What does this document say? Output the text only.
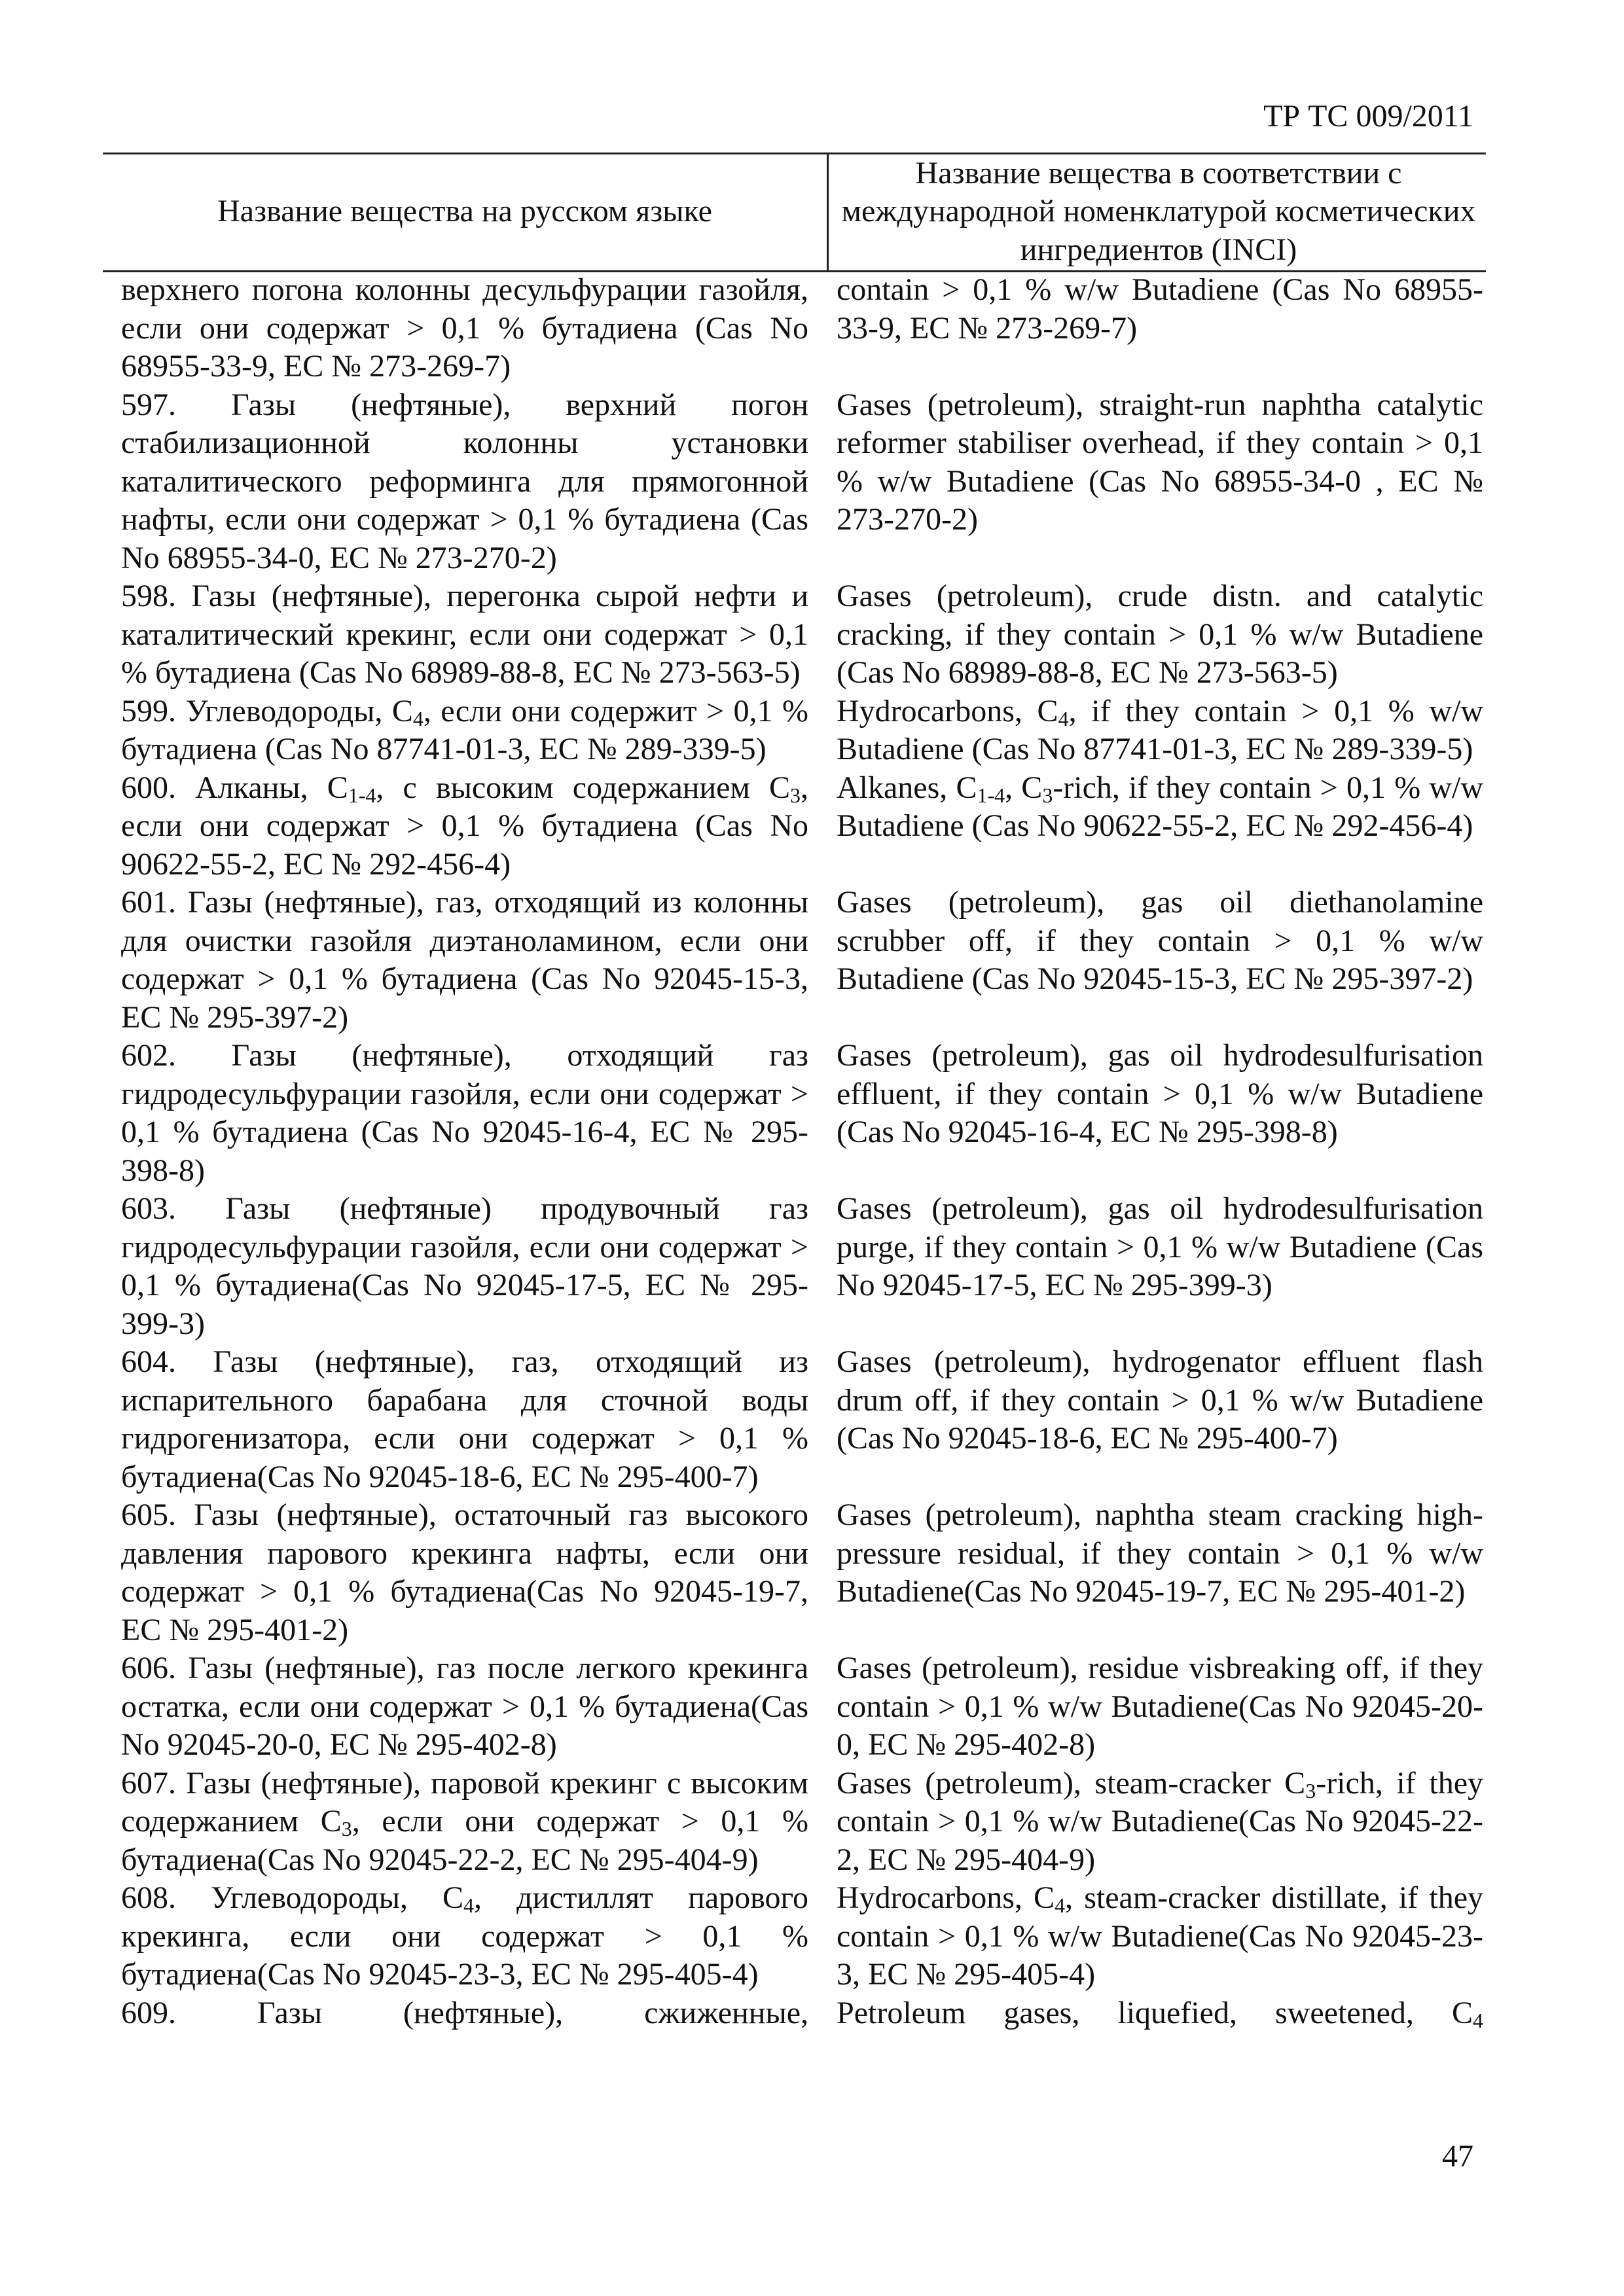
ТР ТС 009/2011
Название вещества на русском языке
Название вещества в соответствии с международной номенклатурой косметических ингредиентов (INCI)
верхнего погона колонны десульфурации газойля, если они содержат > 0,1 % бутадиена (Cas No 68955-33-9, ЕС № 273-269-7)
contain > 0,1 % w/w Butadiene (Cas No 68955-33-9, ЕС № 273-269-7)
597. Газы (нефтяные), верхний погон стабилизационной колонны установки каталитического реформинга для прямогонной нафты, если они содержат > 0,1 % бутадиена (Cas No 68955-34-0, ЕС № 273-270-2)
Gases (petroleum), straight-run naphtha catalytic reformer stabiliser overhead, if they contain > 0,1 % w/w Butadiene (Cas No 68955-34-0 , ЕС № 273-270-2)
598. Газы (нефтяные), перегонка сырой нефти и каталитический крекинг, если они содержат > 0,1 % бутадиена (Cas No 68989-88-8, ЕС № 273-563-5)
Gases (petroleum), crude distn. and catalytic cracking, if they contain > 0,1 % w/w Butadiene (Cas No 68989-88-8, ЕС № 273-563-5)
599. Углеводороды, $С_4$, если они содержит > 0,1 % бутадиена (Cas No 87741-01-3, ЕС № 289-339-5)
Hydrocarbons, $C_4$, if they contain > 0,1 % w/w Butadiene (Cas No 87741-01-3, ЕС № 289-339-5)
600. Алканы, $С_{1-4}$, с высоким содержанием $С_3$, если они содержат > 0,1 % бутадиена (Cas No 90622-55-2, ЕС № 292-456-4)
Alkanes, $C_{1-4}$, $C_3$-rich, if they contain > 0,1 % w/w Butadiene (Cas No 90622-55-2, ЕС № 292-456-4)
601. Газы (нефтяные), газ, отходящий из колонны для очистки газойля диэтаноламином, если они содержат > 0,1 % бутадиена (Cas No 92045-15-3, ЕС № 295-397-2)
Gases (petroleum), gas oil diethanolamine scrubber off, if they contain > 0,1 % w/w Butadiene (Cas No 92045-15-3, ЕС № 295-397-2)
602. Газы (нефтяные), отходящий газ гидродесульфурации газойля, если они содержат > 0,1 % бутадиена (Cas No 92045-16-4, ЕС № 295-398-8)
Gases (petroleum), gas oil hydrodesulfurisation effluent, if they contain > 0,1 % w/w Butadiene (Cas No 92045-16-4, ЕС № 295-398-8)
603. Газы (нефтяные) продувочный газ гидродесульфурации газойля, если они содержат > 0,1 % бутадиена(Cas No 92045-17-5, ЕС № 295-399-3)
Gases (petroleum), gas oil hydrodesulfurisation purge, if they contain > 0,1 % w/w Butadiene (Cas No 92045-17-5, ЕС № 295-399-3)
604. Газы (нефтяные), газ, отходящий из испарительного барабана для сточной воды гидрогенизатора, если они содержат > 0,1 % бутадиена(Cas No 92045-18-6, ЕС № 295-400-7)
Gases (petroleum), hydrogenator effluent flash drum off, if they contain > 0,1 % w/w Butadiene (Cas No 92045-18-6, ЕС № 295-400-7)
605. Газы (нефтяные), остаточный газ высокого давления парового крекинга нафты, если они содержат > 0,1 % бутадиена(Cas No 92045-19-7, ЕС № 295-401-2)
Gases (petroleum), naphtha steam cracking high-pressure residual, if they contain > 0,1 % w/w Butadiene(Cas No 92045-19-7, ЕС № 295-401-2)
606. Газы (нефтяные), газ после легкого крекинга остатка, если они содержат > 0,1 % бутадиена(Cas No 92045-20-0, ЕС № 295-402-8)
Gases (petroleum), residue visbreaking off, if they contain > 0,1 % w/w Butadiene(Cas No 92045-20-0, ЕС № 295-402-8)
607. Газы (нефтяные), паровой крекинг с высоким содержанием $С_3$, если они содержат > 0,1 % бутадиена(Cas No 92045-22-2, ЕС № 295-404-9)
Gases (petroleum), steam-cracker $C_3$-rich, if they contain > 0,1 % w/w Butadiene(Cas No 92045-22-2, ЕС № 295-404-9)
608. Углеводороды, $С_4$, дистиллят парового крекинга, если они содержат > 0,1 % бутадиена(Cas No 92045-23-3, ЕС № 295-405-4)
Hydrocarbons, $C_4$, steam-cracker distillate, if they contain > 0,1 % w/w Butadiene(Cas No 92045-23-3, ЕС № 295-405-4)
609. Газы (нефтяные), сжиженные, Petroleum gases, liquefied, sweetened, $C_4$
47
